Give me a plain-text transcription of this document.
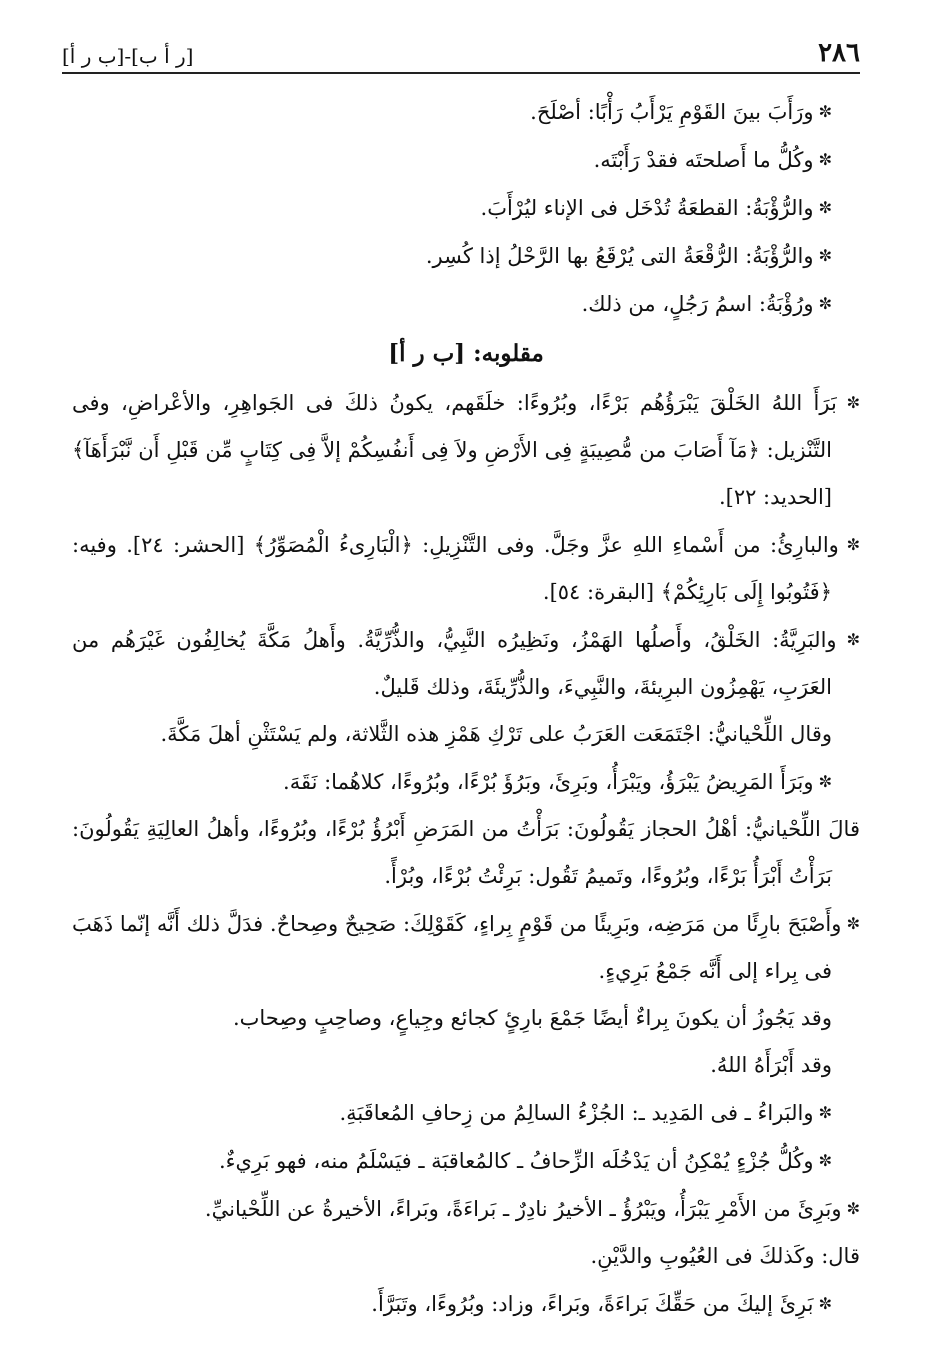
[ر أ ب]-[ب ر أ]	٢٨٦

✼ ورَأَبَ بينَ القَوْمِ يَرْأَبُ رَأْبًا: أصْلَحَ.

✼ وكُلُّ ما أَصلحتَه فقدْ رَأَبْتَه.

✼ والرُّؤْبَةُ: القطعَةُ تُدْخَل فى الإناء ليُرْأَبَ.

✼ والرُّؤْبَةُ: الرُّقْعَةُ التى يُرْقَعُ بها الرَّحْلُ إذا كُسِر.

✼ ورُؤْبَةُ: اسمُ رَجُلٍ، من ذلك.

مقلوبه: [ب ر أ]

✼ بَرَأَ اللهُ الخَلْقَ يَبْرَؤُهُم بَرْءًا، وبُرُوءًا: خلَقَهم، يكونُ ذلكَ فى الجَواهِرِ، والأعْراضِ، وفى التَّنْزيل: ﴿مَآ أَصَابَ من مُّصِيبَةٍ فِى الأَرْضِ ولاَ فِى أَنفُسِكُمْ إلاَّ فِى كِتَابٍ مِّن قَبْلِ أَن نَّبْرَأَهَآ﴾ [الحديد: ٢٢].

✼ والبارِئُ: من أَسْماءِ اللهِ عزَّ وجَلَّ. وفى التَّنْزِيلِ: ﴿الْبَارِىءُ الْمُصَوِّرُ﴾ [الحشر: ٢٤]. وفيه: ﴿فَتُوبُوا إِلَى بَارِئِكُمْ﴾ [البقرة: ٥٤].

✼ والبَرِيَّةُ: الخَلْقُ، وأَصلُها الهَمْزُ، ونَظِيرُه النَّبِيُّ، والذُّرِّيَّةُ. وأَهلُ مَكَّةَ يُخالِفُون غَيْرَهُم من العَرَبِ، يَهْمِزُون البرِيئةَ، والنَّبِيءَ، والذُّرِّيئَةَ، وذلك قَليلٌ.

وقال اللِّحْيانيُّ: اجْتَمَعَت العَرَبُ على تَرْكِ هَمْزِ هذه الثَّلاثة، ولم يَسْتَثْنِ أهلَ مَكَّةَ.

✼ وبَرَأَ المَرِيضُ يَبْرَؤُ، ويَبْرَأُ، وبَرِئَ، وبَرُؤَ بُرْءًا، وبُرُوءًا، كلاهُما: نَقَهَ.

قالَ اللِّحْيانيُّ: أهْلُ الحجاز يَقُولُونَ: بَرَأْتُ من المَرَضِ أَبْرُؤُ بُرْءًا، وبُرُوءًا، وأهلُ العالِيَةِ يَقُولُونَ: بَرَأْتُ أَبْرَأُ بَرْءًا، وبُرُوءًا، وتَميمُ تَقُول: بَرِئْتُ بُرْءًا، وبُرْأً.

✼ وأَصْبَحَ بارِئًا من مَرَضِه، وبَرِيئًا من قَوْمٍ بِراءٍ، كَقَوْلِكَ: صَحِيحٌ وصِحاحٌ. فدَلَّ ذلك أَنَّه إنّما ذَهَبَ فى بِراء إلى أَنَّه جَمْعُ بَرِيءٍ.

وقد يَجُوزُ أن يكونَ بِراءٌ أيضًا جَمْعَ بارِئٍ كجائع وجِياعٍ، وصاحِبٍ وصِحاب.

وقد أَبْرَأَهُ اللهُ.

✼ والبَراءُ ـ فى المَدِيد ـ: الجُزْءُ السالِمُ من زِحافِ المُعاقَبَةِ.

✼ وكُلُّ جُزْءٍ يُمْكِنُ أن يَدْخُلَه الزِّحافُ ـ كالمُعاقبَة ـ فيَسْلَمُ منه، فهو بَرِيءٌ.

✼ وبَرِئَ من الأَمْرِ يَبْرَأُ، ويَبْرُؤُ ـ الأخيرُ نادِرٌ ـ بَراءَةً، وبَراءً، الأخيرةُ عن اللِّحْيانيِّ.

قال: وكَذلكَ فى العُيُوبِ والدَّيْنِ.

✼ بَرِئَ إليكَ من حَقِّكَ بَراءَةً، وبَراءً، وزاد: وبُرُوءًا، وتَبَرَّأَ.
